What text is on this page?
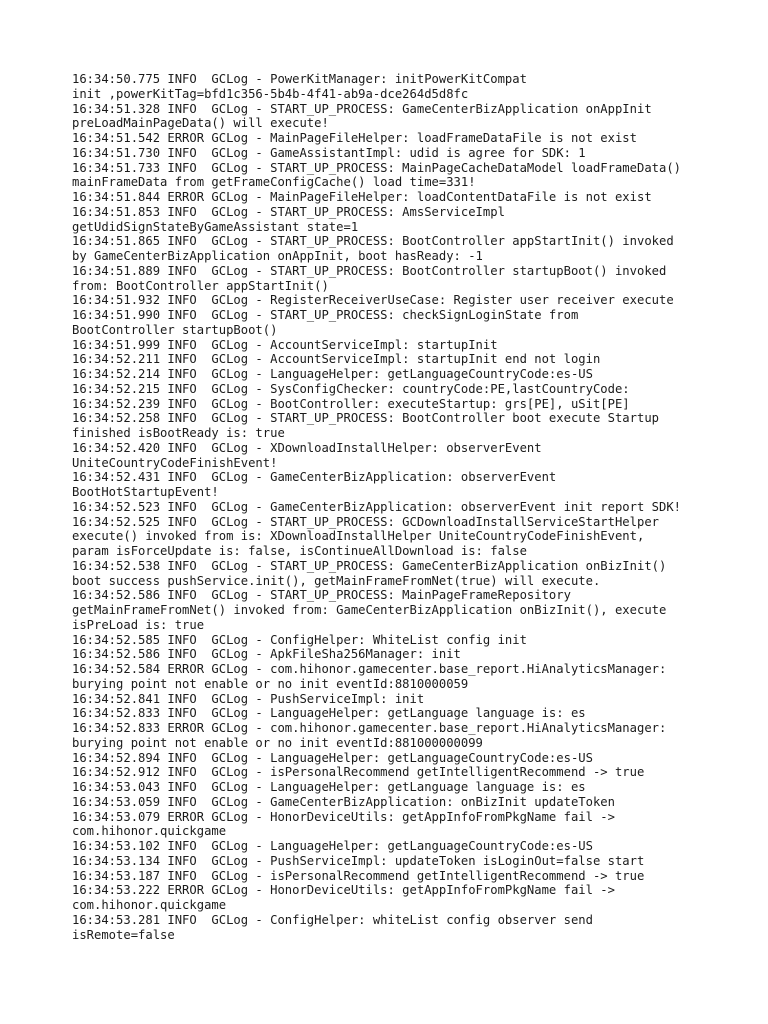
16:34:50.775 INFO  GCLog - PowerKitManager: initPowerKitCompat
init ,powerKitTag=bfd1c356-5b4b-4f41-ab9a-dce264d5d8fc
16:34:51.328 INFO  GCLog - START_UP_PROCESS: GameCenterBizApplication onAppInit
preLoadMainPageData() will execute!
16:34:51.542 ERROR GCLog - MainPageFileHelper: loadFrameDataFile is not exist
16:34:51.730 INFO  GCLog - GameAssistantImpl: udid is agree for SDK: 1
16:34:51.733 INFO  GCLog - START_UP_PROCESS: MainPageCacheDataModel loadFrameData()
mainFrameData from getFrameConfigCache() load time=331!
16:34:51.844 ERROR GCLog - MainPageFileHelper: loadContentDataFile is not exist
16:34:51.853 INFO  GCLog - START_UP_PROCESS: AmsServiceImpl
getUdidSignStateByGameAssistant state=1
16:34:51.865 INFO  GCLog - START_UP_PROCESS: BootController appStartInit() invoked
by GameCenterBizApplication onAppInit, boot hasReady: -1
16:34:51.889 INFO  GCLog - START_UP_PROCESS: BootController startupBoot() invoked
from: BootController appStartInit()
16:34:51.932 INFO  GCLog - RegisterReceiverUseCase: Register user receiver execute
16:34:51.990 INFO  GCLog - START_UP_PROCESS: checkSignLoginState from
BootController startupBoot()
16:34:51.999 INFO  GCLog - AccountServiceImpl: startupInit
16:34:52.211 INFO  GCLog - AccountServiceImpl: startupInit end not login
16:34:52.214 INFO  GCLog - LanguageHelper: getLanguageCountryCode:es-US
16:34:52.215 INFO  GCLog - SysConfigChecker: countryCode:PE,lastCountryCode:
16:34:52.239 INFO  GCLog - BootController: executeStartup: grs[PE], uSit[PE]
16:34:52.258 INFO  GCLog - START_UP_PROCESS: BootController boot execute Startup
finished isBootReady is: true
16:34:52.420 INFO  GCLog - XDownloadInstallHelper: observerEvent
UniteCountryCodeFinishEvent!
16:34:52.431 INFO  GCLog - GameCenterBizApplication: observerEvent
BootHotStartupEvent!
16:34:52.523 INFO  GCLog - GameCenterBizApplication: observerEvent init report SDK!
16:34:52.525 INFO  GCLog - START_UP_PROCESS: GCDownloadInstallServiceStartHelper
execute() invoked from is: XDownloadInstallHelper UniteCountryCodeFinishEvent,
param isForceUpdate is: false, isContinueAllDownload is: false
16:34:52.538 INFO  GCLog - START_UP_PROCESS: GameCenterBizApplication onBizInit()
boot success pushService.init(), getMainFrameFromNet(true) will execute.
16:34:52.586 INFO  GCLog - START_UP_PROCESS: MainPageFrameRepository
getMainFrameFromNet() invoked from: GameCenterBizApplication onBizInit(), execute
isPreLoad is: true
16:34:52.585 INFO  GCLog - ConfigHelper: WhiteList config init
16:34:52.586 INFO  GCLog - ApkFileSha256Manager: init
16:34:52.584 ERROR GCLog - com.hihonor.gamecenter.base_report.HiAnalyticsManager:
burying point not enable or no init eventId:8810000059
16:34:52.841 INFO  GCLog - PushServiceImpl: init
16:34:52.833 INFO  GCLog - LanguageHelper: getLanguage language is: es
16:34:52.833 ERROR GCLog - com.hihonor.gamecenter.base_report.HiAnalyticsManager:
burying point not enable or no init eventId:881000000099
16:34:52.894 INFO  GCLog - LanguageHelper: getLanguageCountryCode:es-US
16:34:52.912 INFO  GCLog - isPersonalRecommend getIntelligentRecommend -> true
16:34:53.043 INFO  GCLog - LanguageHelper: getLanguage language is: es
16:34:53.059 INFO  GCLog - GameCenterBizApplication: onBizInit updateToken
16:34:53.079 ERROR GCLog - HonorDeviceUtils: getAppInfoFromPkgName fail ->
com.hihonor.quickgame
16:34:53.102 INFO  GCLog - LanguageHelper: getLanguageCountryCode:es-US
16:34:53.134 INFO  GCLog - PushServiceImpl: updateToken isLoginOut=false start
16:34:53.187 INFO  GCLog - isPersonalRecommend getIntelligentRecommend -> true
16:34:53.222 ERROR GCLog - HonorDeviceUtils: getAppInfoFromPkgName fail ->
com.hihonor.quickgame
16:34:53.281 INFO  GCLog - ConfigHelper: whiteList config observer send
isRemote=false
